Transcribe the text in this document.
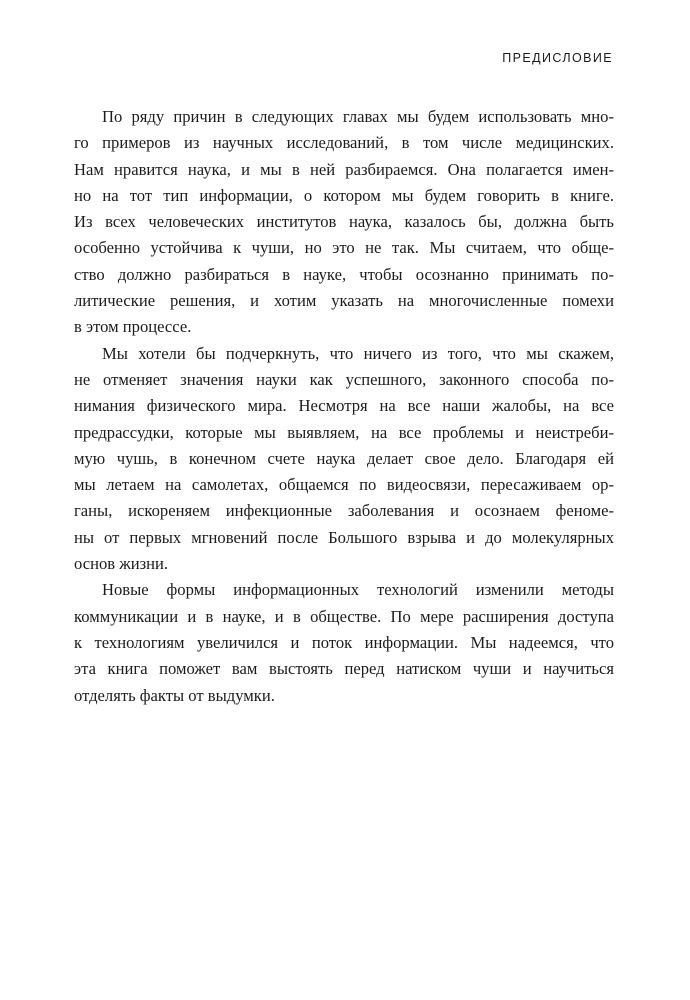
ПРЕДИСЛОВИЕ
По ряду причин в следующих главах мы будем использовать мно-
го примеров из научных исследований, в том числе медицинских.
Нам нравится наука, и мы в ней разбираемся. Она полагается имен-
но на тот тип информации, о котором мы будем говорить в книге.
Из всех человеческих институтов наука, казалось бы, должна быть
особенно устойчива к чуши, но это не так. Мы считаем, что обще-
ство должно разбираться в науке, чтобы осознанно принимать по-
литические решения, и хотим указать на многочисленные помехи
в этом процессе.
Мы хотели бы подчеркнуть, что ничего из того, что мы скажем,
не отменяет значения науки как успешного, законного способа по-
нимания физического мира. Несмотря на все наши жалобы, на все
предрассудки, которые мы выявляем, на все проблемы и неистреби-
мую чушь, в конечном счете наука делает свое дело. Благодаря ей
мы летаем на самолетах, общаемся по видеосвязи, пересаживаем ор-
ганы, искореняем инфекционные заболевания и осознаем феноме-
ны от первых мгновений после Большого взрыва и до молекулярных
основ жизни.
Новые формы информационных технологий изменили методы
коммуникации и в науке, и в обществе. По мере расширения доступа
к технологиям увеличился и поток информации. Мы надеемся, что
эта книга поможет вам выстоять перед натиском чуши и научиться
отделять факты от выдумки.
